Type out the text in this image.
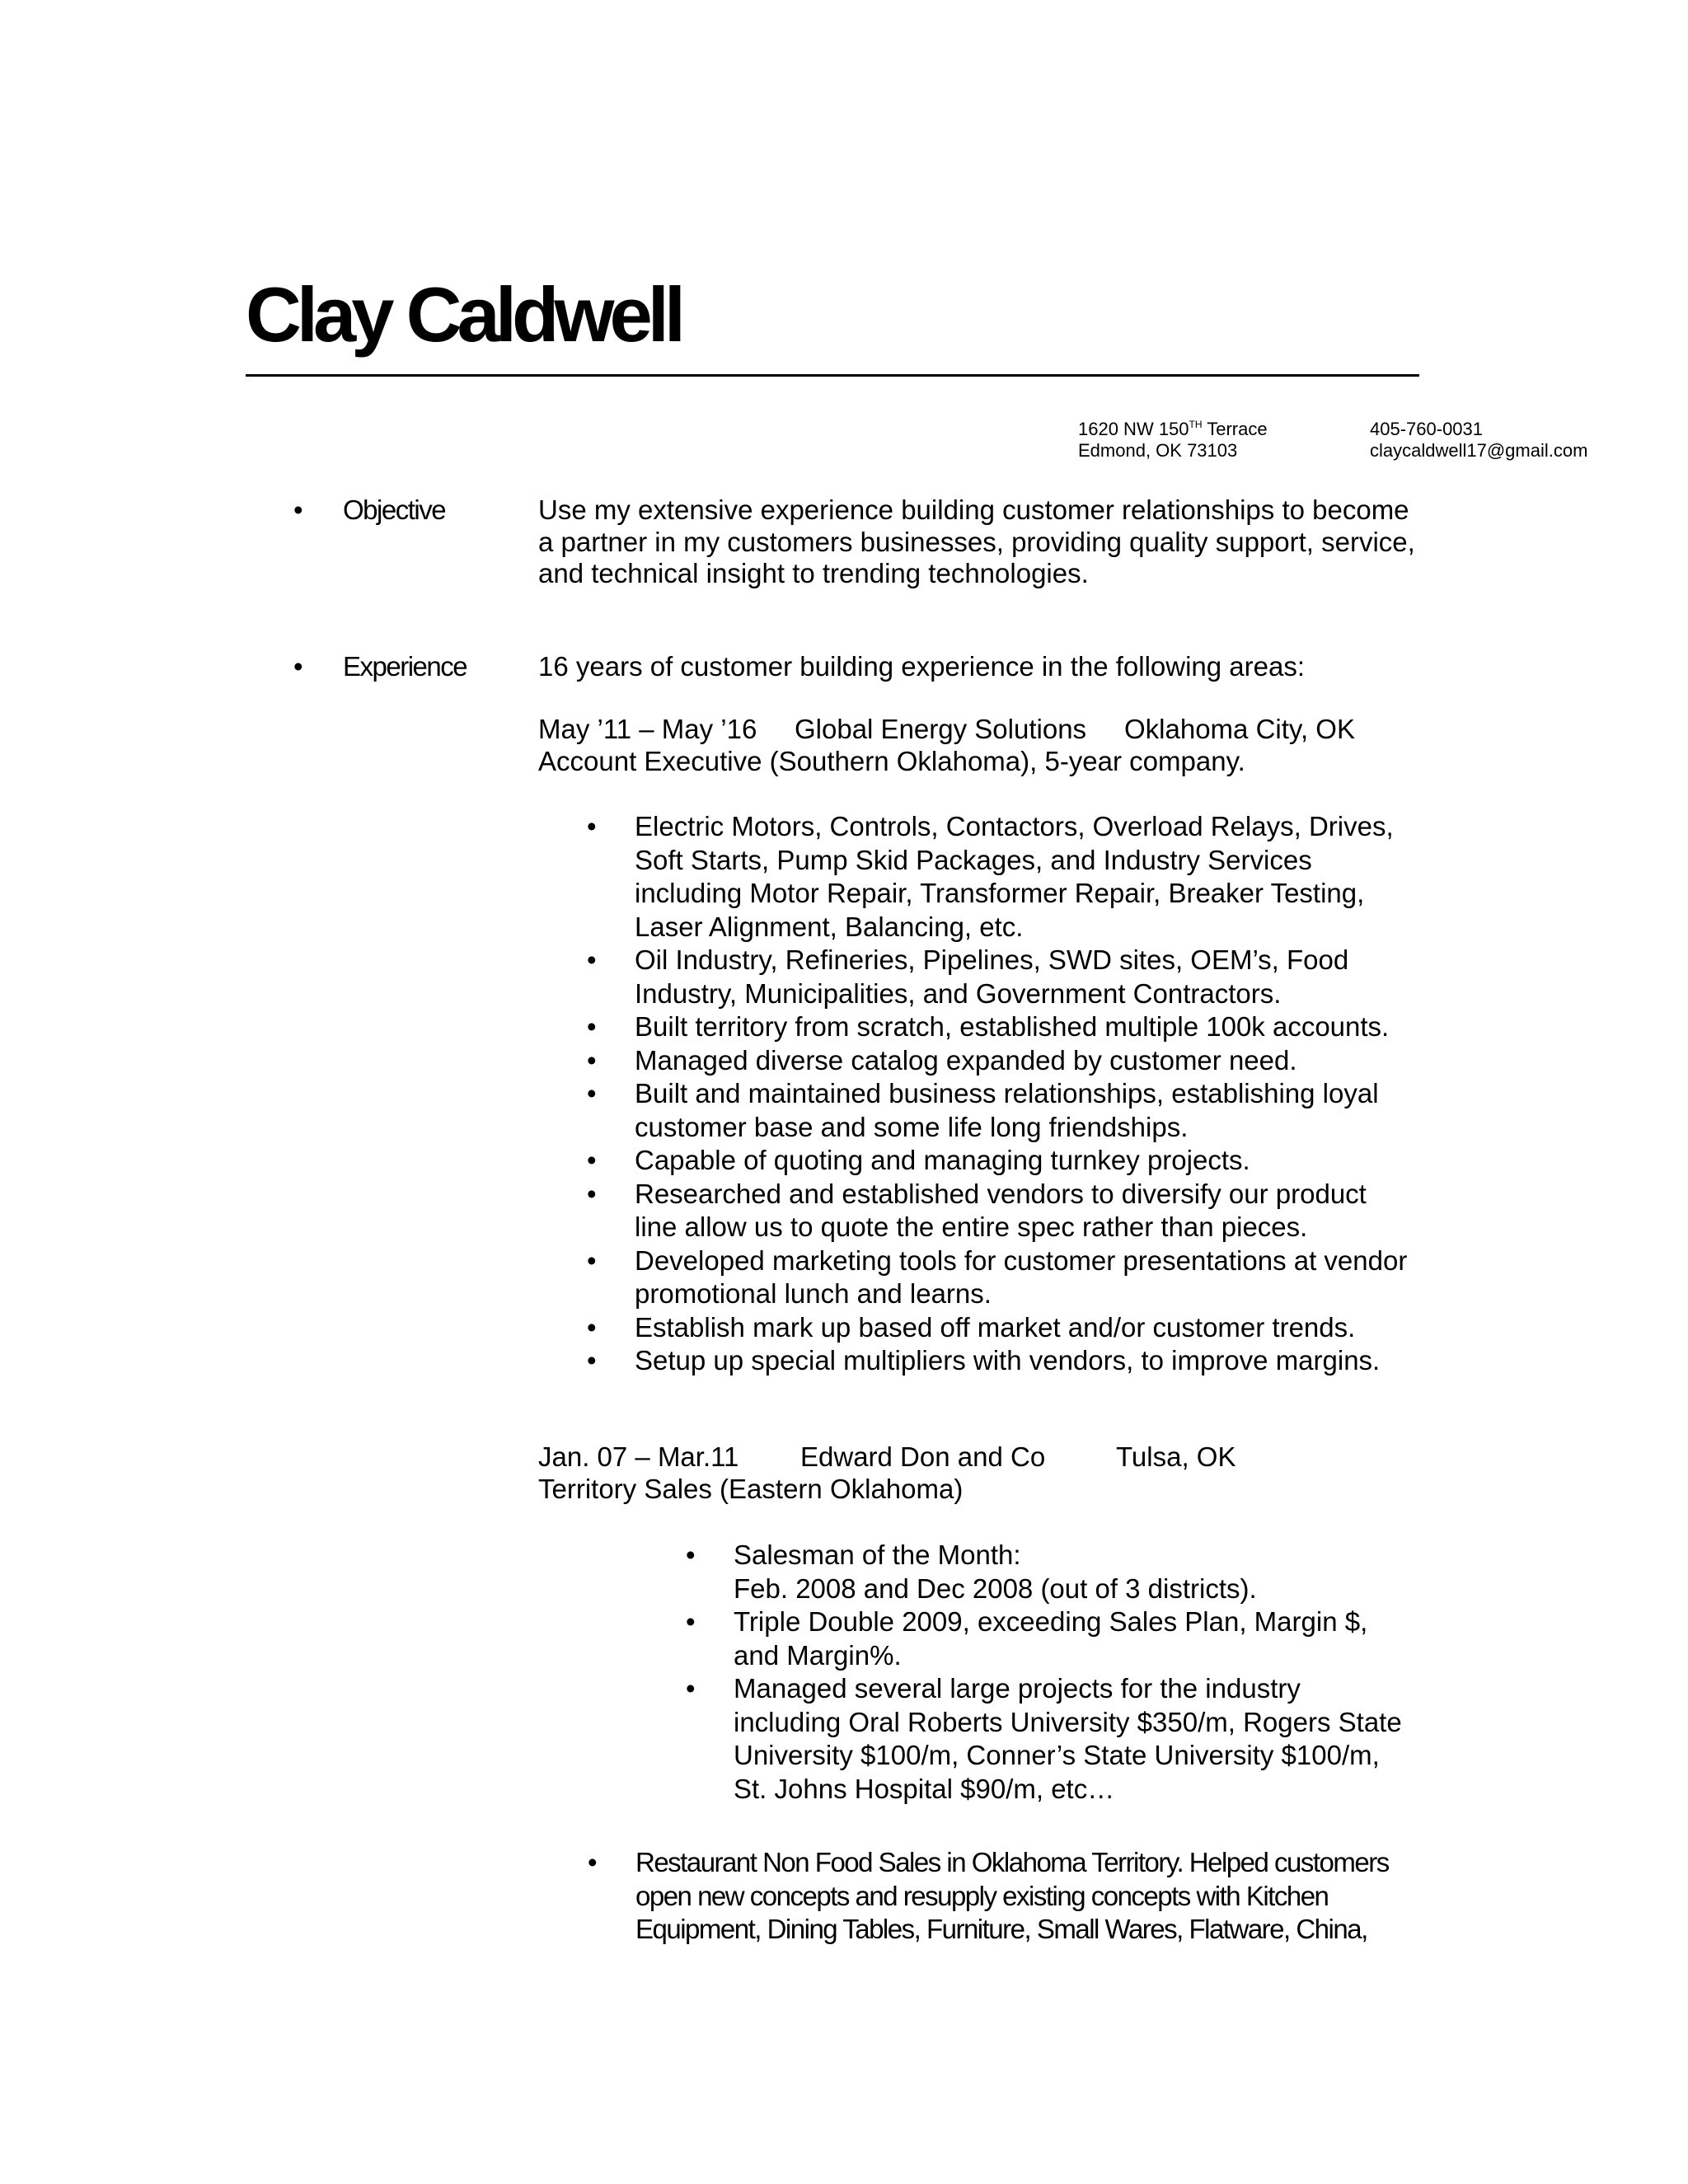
Clay Caldwell
1620 NW 150TH Terrace
Edmond, OK 73103
405-760-0031
claycaldwell17@gmail.com
• Objective	Use my extensive experience building customer relationships to become
a partner in my customers businesses, providing quality support, service,
and technical insight to trending technologies.
• Experience	16 years of customer building experience in the following areas:
May ’11 – May ’16 Global Energy Solutions Oklahoma City, OK
Account Executive (Southern Oklahoma), 5-year company.
• Electric Motors, Controls, Contactors, Overload Relays, Drives,
Soft Starts, Pump Skid Packages, and Industry Services
including Motor Repair, Transformer Repair, Breaker Testing,
Laser Alignment, Balancing, etc.
• Oil Industry, Refineries, Pipelines, SWD sites, OEM’s, Food
Industry, Municipalities, and Government Contractors.
• Built territory from scratch, established multiple 100k accounts.
• Managed diverse catalog expanded by customer need.
• Built and maintained business relationships, establishing loyal
customer base and some life long friendships.
• Capable of quoting and managing turnkey projects.
• Researched and established vendors to diversify our product
line allow us to quote the entire spec rather than pieces.
• Developed marketing tools for customer presentations at vendor
promotional lunch and learns.
• Establish mark up based off market and/or customer trends.
• Setup up special multipliers with vendors, to improve margins.
Jan. 07 – Mar.11 Edward Don and Co	Tulsa, OK
Territory Sales (Eastern Oklahoma)
• Salesman of the Month:
Feb. 2008 and Dec 2008 (out of 3 districts).
• Triple Double 2009, exceeding Sales Plan, Margin $,
and Margin%.
• Managed several large projects for the industry
including Oral Roberts University $350/m, Rogers State
University $100/m, Conner’s State University $100/m,
St. Johns Hospital $90/m, etc…
• Restaurant Non Food Sales in Oklahoma Territory. Helped customers
open new concepts and resupply existing concepts with Kitchen
Equipment, Dining Tables, Furniture, Small Wares, Flatware, China,
